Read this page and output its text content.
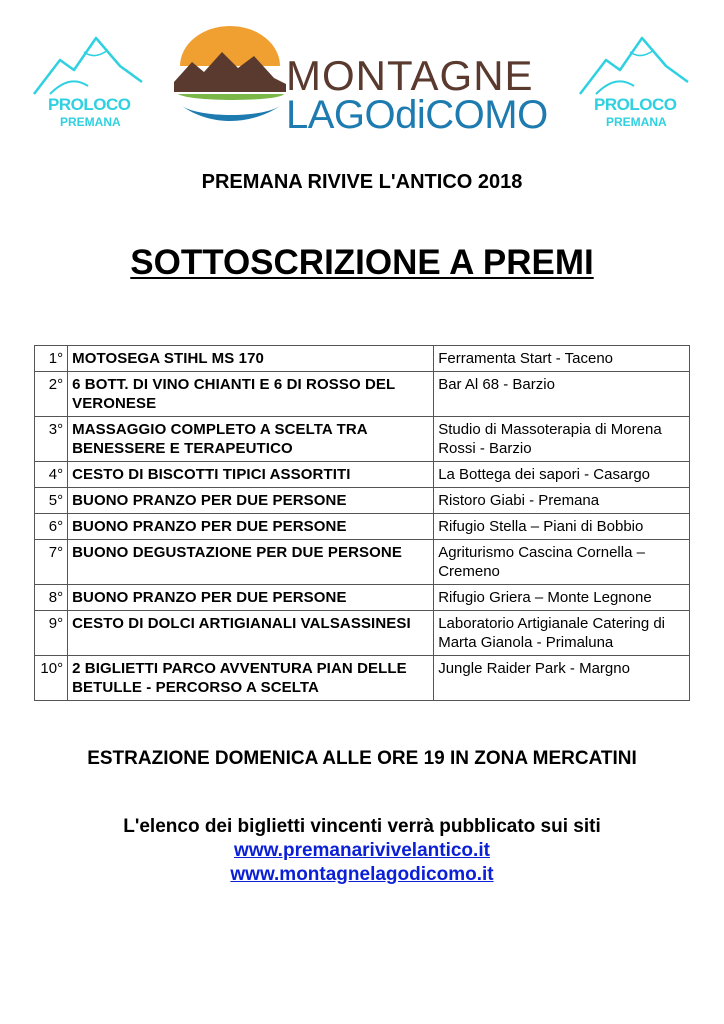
PROLOCO
PREMANA
MONTAGNE
LAGOdiCOMO	PROLOCO
PREMANA
PREMANA RIVIVE L'ANTICO 2018
SOTTOSCRIZIONE A PREMI
1°	MOTOSEGA STIHL MS 170	Ferramenta Start - Taceno
2°	6 BOTT. DI VINO CHIANTI E 6 DI ROSSO DEL VERONESE	Bar Al 68 - Barzio
3°	MASSAGGIO COMPLETO A SCELTA TRA BENESSERE E TERAPEUTICO	Studio di Massoterapia di Morena Rossi - Barzio
4°	CESTO DI BISCOTTI TIPICI ASSORTITI	La Bottega dei sapori - Casargo
5°	BUONO PRANZO PER DUE PERSONE	Ristoro Giabi - Premana
6°	BUONO PRANZO PER DUE PERSONE	Rifugio Stella – Piani di Bobbio
7°	BUONO DEGUSTAZIONE PER DUE PERSONE	Agriturismo Cascina Cornella – Cremeno
8°	BUONO PRANZO PER DUE PERSONE	Rifugio Griera – Monte Legnone
9°	CESTO DI DOLCI ARTIGIANALI VALSASSINESI	Laboratorio Artigianale Catering di Marta Gianola - Primaluna
10°	2 BIGLIETTI PARCO AVVENTURA PIAN DELLE BETULLE - PERCORSO A SCELTA	Jungle Raider Park - Margno
ESTRAZIONE DOMENICA ALLE ORE 19 IN ZONA MERCATINI
L'elenco dei biglietti vincenti verrà pubblicato sui siti
www.premanarivivelantico.it
www.montagnelagodicomo.it
